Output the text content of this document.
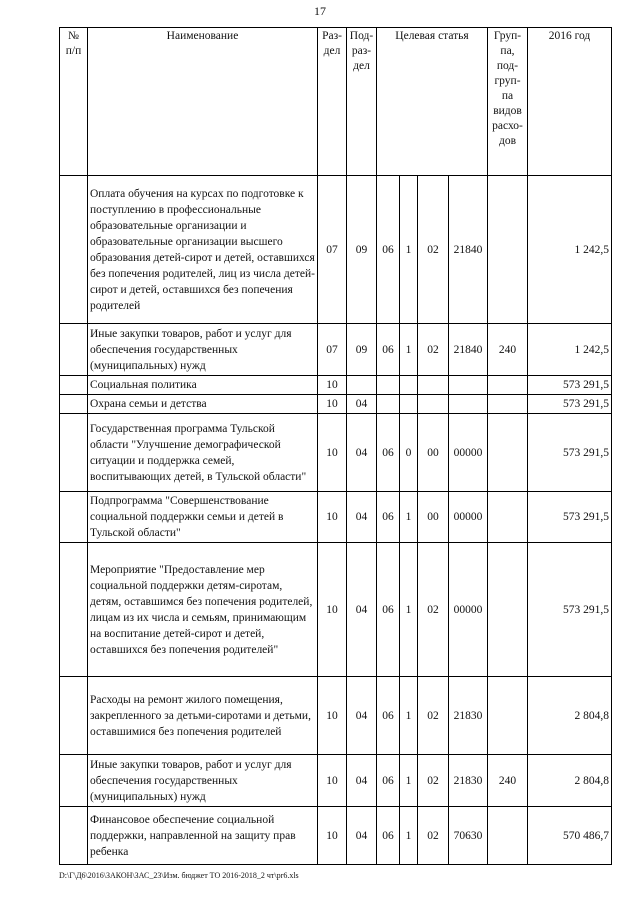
17
№ п/п	Наименование	Раз- дел	Под- раз- дел	Целевая статья				Груп- па, под- груп- па видов расхо- дов	2016 год
	Оплата обучения на курсах по подготовке к поступлению в профессиональные образовательные организации и образовательные организации высшего образования детей-сирот и детей, оставшихся без попечения родителей, лиц из числа детей-сирот и детей, оставшихся без попечения родителей	07	09	06	1	02	21840		1 242,5
	Иные закупки товаров, работ и услуг для обеспечения государственных (муниципальных) нужд	07	09	06	1	02	21840	240	1 242,5
	Социальная политика	10							573 291,5
	Охрана семьи и детства	10	04						573 291,5
	Государственная программа Тульской области "Улучшение демографической ситуации и поддержка семей, воспитывающих детей, в Тульской области"	10	04	06	0	00	00000		573 291,5
	Подпрограмма "Совершенствование социальной поддержки семьи и детей в Тульской области"	10	04	06	1	00	00000		573 291,5
	Мероприятие "Предоставление мер социальной поддержки детям-сиротам, детям, оставшимся без попечения родителей, лицам из их числа и семьям, принимающим на воспитание детей-сирот и детей, оставшихся без попечения родителей"	10	04	06	1	02	00000		573 291,5
	Расходы на ремонт жилого помещения, закрепленного за детьми-сиротами и детьми, оставшимися без попечения родителей	10	04	06	1	02	21830		2 804,8
	Иные закупки товаров, работ и услуг для обеспечения государственных (муниципальных) нужд	10	04	06	1	02	21830	240	2 804,8
	Финансовое обеспечение социальной поддержки, направленной на защиту прав ребенка	10	04	06	1	02	70630		570 486,7
D:\Г\Д6\2016\ЗАКОН\ЗАС_23\Изм. бюджет ТО 2016-2018_2 чт\pr6.xls
